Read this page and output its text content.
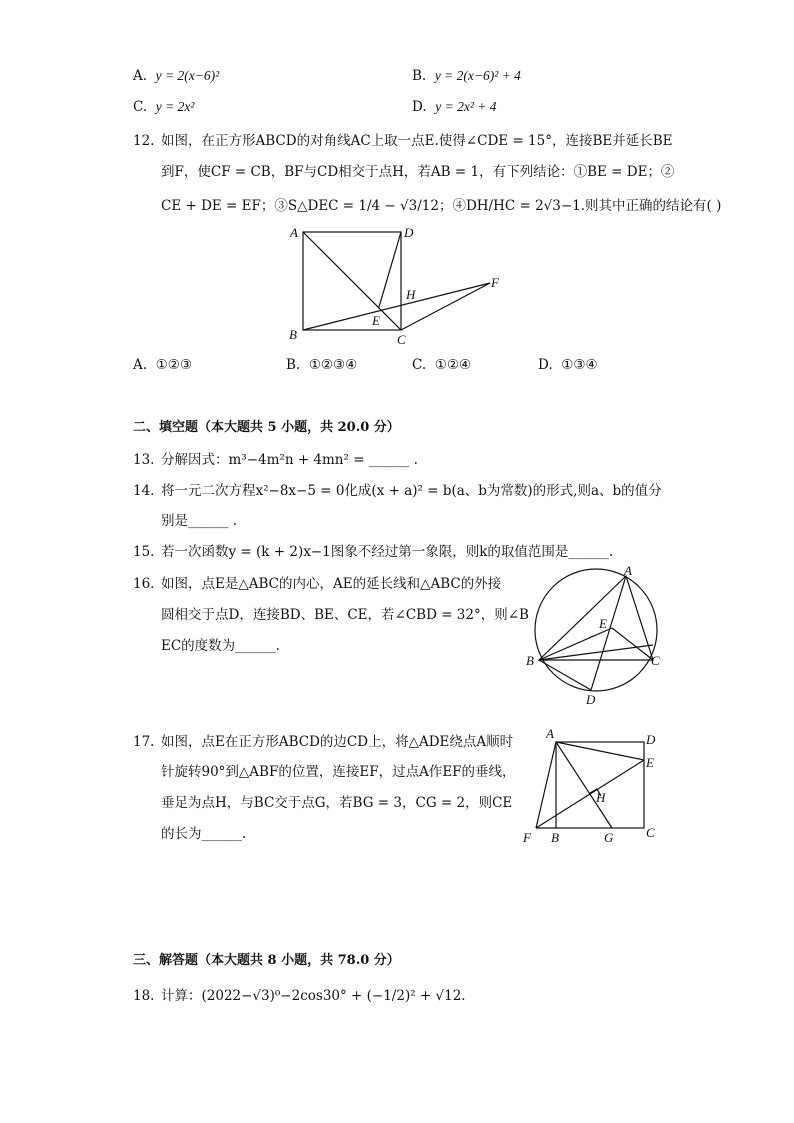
A. y = 2(x−6)²	B. y = 2(x−6)² + 4
C. y = 2x²	D. y = 2x² + 4
12. 如图，在正方形ABCD的对角线AC上取一点E.使得∠CDE = 15°，连接BE并延长BE
到F，使CF = CB，BF与CD相交于点H，若AB = 1，有下列结论：①BE = DE；②
CE + DE = EF；③S△DEC = 1/4 − √3/12；④DH/HC = 2√3−1.则其中正确的结论有( )
A	D
B	C
E
H
F
A. ①②③	B. ①②③④	C. ①②④	D. ①③④
二、填空题（本大题共 5 小题，共 20.0 分）
13. 分解因式：m³−4m²n + 4mn² = ______ .
14. 将一元二次方程x²−8x−5 = 0化成(x + a)² = b(a、b为常数)的形式,则a、b的值分
别是______ .
15. 若一次函数y = (k + 2)x−1图象不经过第一象限，则k的取值范围是______.
16. 如图，点E是△ABC的内心，AE的延长线和△ABC的外接
圆相交于点D，连接BD、BE、CE，若∠CBD = 32°，则∠B
EC的度数为______.
A
B	C
D
E
17. 如图，点E在正方形ABCD的边CD上，将△ADE绕点A顺时
针旋转90°到△ABF的位置，连接EF，过点A作EF的垂线，
垂足为点H，与BC交于点G，若BG = 3，CG = 2，则CE
的长为______.
A	D
E
H
F B	G	C
三、解答题（本大题共 8 小题，共 78.0 分）
18. 计算：(2022−√3)⁰−2cos30° + (−1/2)² + √12.
